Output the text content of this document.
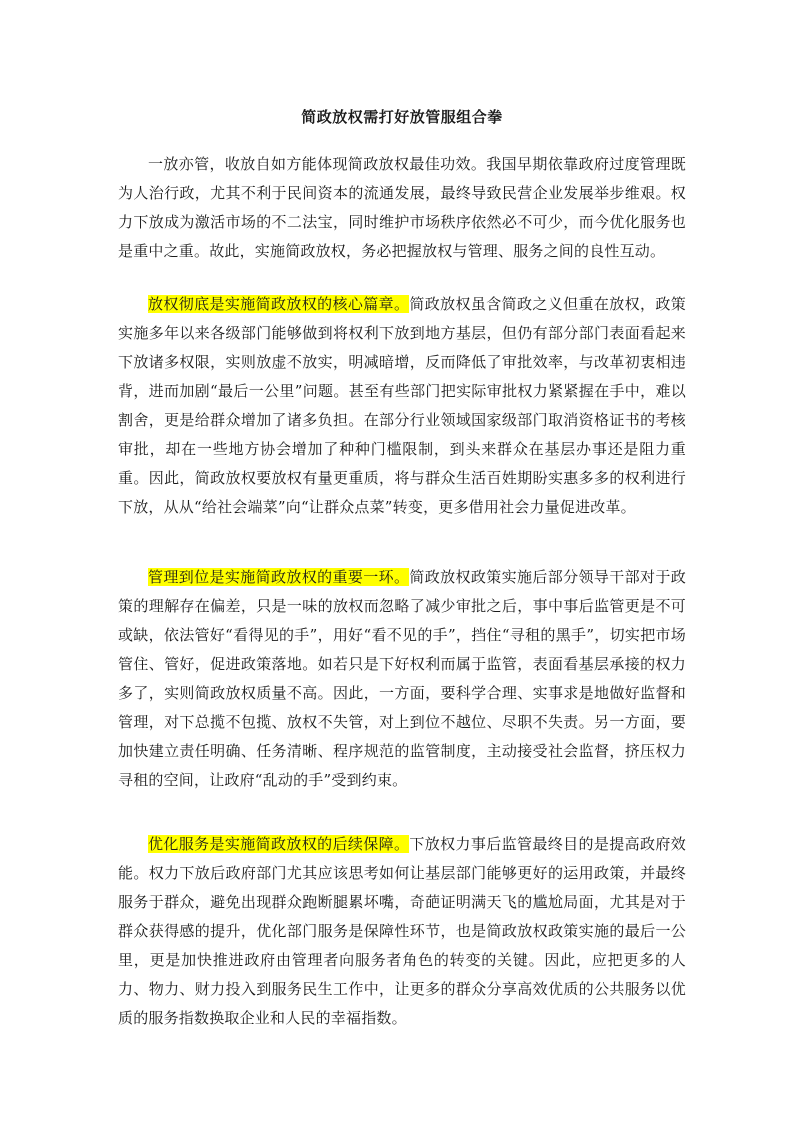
简政放权需打好放管服组合拳

一放亦管，收放自如方能体现简政放权最佳功效。我国早期依靠政府过度管理既为人治行政，尤其不利于民间资本的流通发展，最终导致民营企业发展举步维艰。权力下放成为激活市场的不二法宝，同时维护市场秩序依然必不可少，而今优化服务也是重中之重。故此，实施简政放权，务必把握放权与管理、服务之间的良性互动。

放权彻底是实施简政放权的核心篇章。简政放权虽含简政之义但重在放权，政策实施多年以来各级部门能够做到将权利下放到地方基层，但仍有部分部门表面看起来下放诸多权限，实则放虚不放实，明减暗增，反而降低了审批效率，与改革初衷相违背，进而加剧“最后一公里”问题。甚至有些部门把实际审批权力紧紧握在手中，难以割舍，更是给群众增加了诸多负担。在部分行业领域国家级部门取消资格证书的考核审批，却在一些地方协会增加了种种门槛限制，到头来群众在基层办事还是阻力重重。因此，简政放权要放权有量更重质，将与群众生活百姓期盼实惠多多的权利进行下放，从从“给社会端菜”向“让群众点菜”转变，更多借用社会力量促进改革。

管理到位是实施简政放权的重要一环。简政放权政策实施后部分领导干部对于政策的理解存在偏差，只是一味的放权而忽略了减少审批之后，事中事后监管更是不可或缺，依法管好“看得见的手”，用好“看不见的手”，挡住“寻租的黑手”，切实把市场管住、管好，促进政策落地。如若只是下好权利而属于监管，表面看基层承接的权力多了，实则简政放权质量不高。因此，一方面，要科学合理、实事求是地做好监督和管理，对下总揽不包揽、放权不失管，对上到位不越位、尽职不失责。另一方面，要加快建立责任明确、任务清晰、程序规范的监管制度，主动接受社会监督，挤压权力寻租的空间，让政府“乱动的手”受到约束。

优化服务是实施简政放权的后续保障。下放权力事后监管最终目的是提高政府效能。权力下放后政府部门尤其应该思考如何让基层部门能够更好的运用政策，并最终服务于群众，避免出现群众跑断腿累坏嘴，奇葩证明满天飞的尴尬局面，尤其是对于群众获得感的提升，优化部门服务是保障性环节，也是简政放权政策实施的最后一公里，更是加快推进政府由管理者向服务者角色的转变的关键。因此，应把更多的人力、物力、财力投入到服务民生工作中，让更多的群众分享高效优质的公共服务以优质的服务指数换取企业和人民的幸福指数。
